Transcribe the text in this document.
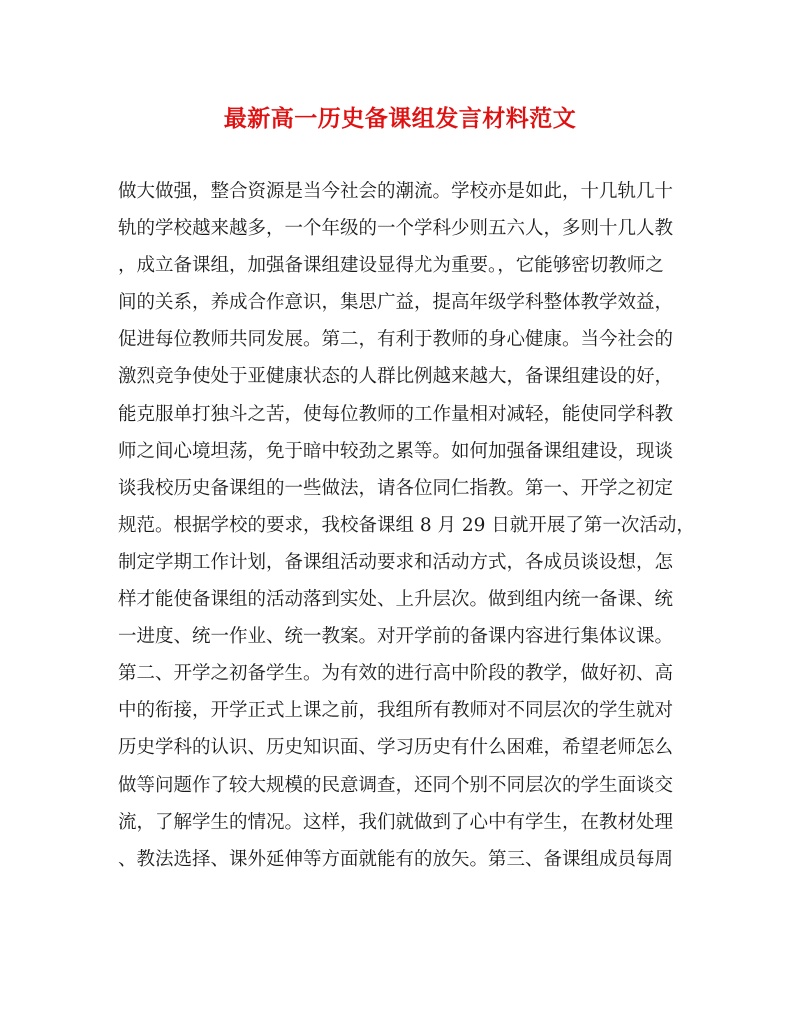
最新高一历史备课组发言材料范文
做大做强，整合资源是当今社会的潮流。学校亦是如此，十几轨几十
轨的学校越来越多，一个年级的一个学科少则五六人，多则十几人教
，成立备课组，加强备课组建设显得尤为重要。，它能够密切教师之
间的关系，养成合作意识，集思广益，提高年级学科整体教学效益，
促进每位教师共同发展。第二，有利于教师的身心健康。当今社会的
激烈竞争使处于亚健康状态的人群比例越来越大，备课组建设的好，
能克服单打独斗之苦，使每位教师的工作量相对减轻，能使同学科教
师之间心境坦荡，免于暗中较劲之累等。如何加强备课组建设，现谈
谈我校历史备课组的一些做法，请各位同仁指教。第一、开学之初定
规范。根据学校的要求，我校备课组 8 月 29 日就开展了第一次活动，
制定学期工作计划，备课组活动要求和活动方式，各成员谈设想，怎
样才能使备课组的活动落到实处、上升层次。做到组内统一备课、统
一进度、统一作业、统一教案。对开学前的备课内容进行集体议课。
第二、开学之初备学生。为有效的进行高中阶段的教学，做好初、高
中的衔接，开学正式上课之前，我组所有教师对不同层次的学生就对
历史学科的认识、历史知识面、学习历史有什么困难，希望老师怎么
做等问题作了较大规模的民意调查，还同个别不同层次的学生面谈交
流，了解学生的情况。这样，我们就做到了心中有学生，在教材处理
、教法选择、课外延伸等方面就能有的放矢。第三、备课组成员每周
